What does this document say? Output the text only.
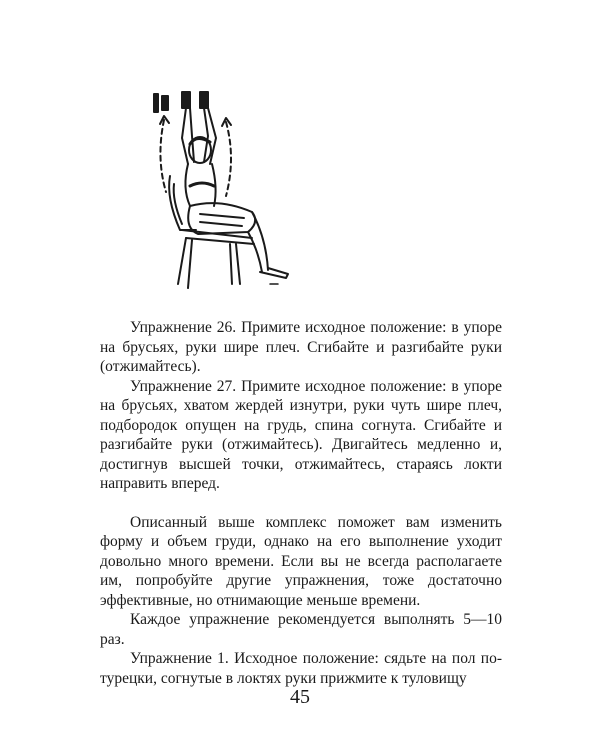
Упражнение 26. Примите исходное положение: в упоре на брусьях, руки шире плеч. Сгибайте и разгибайте руки (отжимайтесь).

Упражнение 27. Примите исходное положение: в упоре на брусьях, хватом жердей изнутри, руки чуть шире плеч, подбородок опущен на грудь, спина согнута. Сгибайте и разгибайте руки (отжимайтесь). Двигайтесь медленно и, достигнув высшей точки, отжимайтесь, стараясь локти направить вперед.

Описанный выше комплекс поможет вам изменить форму и объем груди, однако на его выполнение уходит довольно много времени. Если вы не всегда располагаете им, попробуйте другие упражнения, тоже достаточно эффективные, но отнимающие меньше времени.

Каждое упражнение рекомендуется выполнять 5—10 раз.

Упражнение 1. Исходное положение: сядьте на пол по-турецки, согнутые в локтях руки прижмите к туловищу

45
